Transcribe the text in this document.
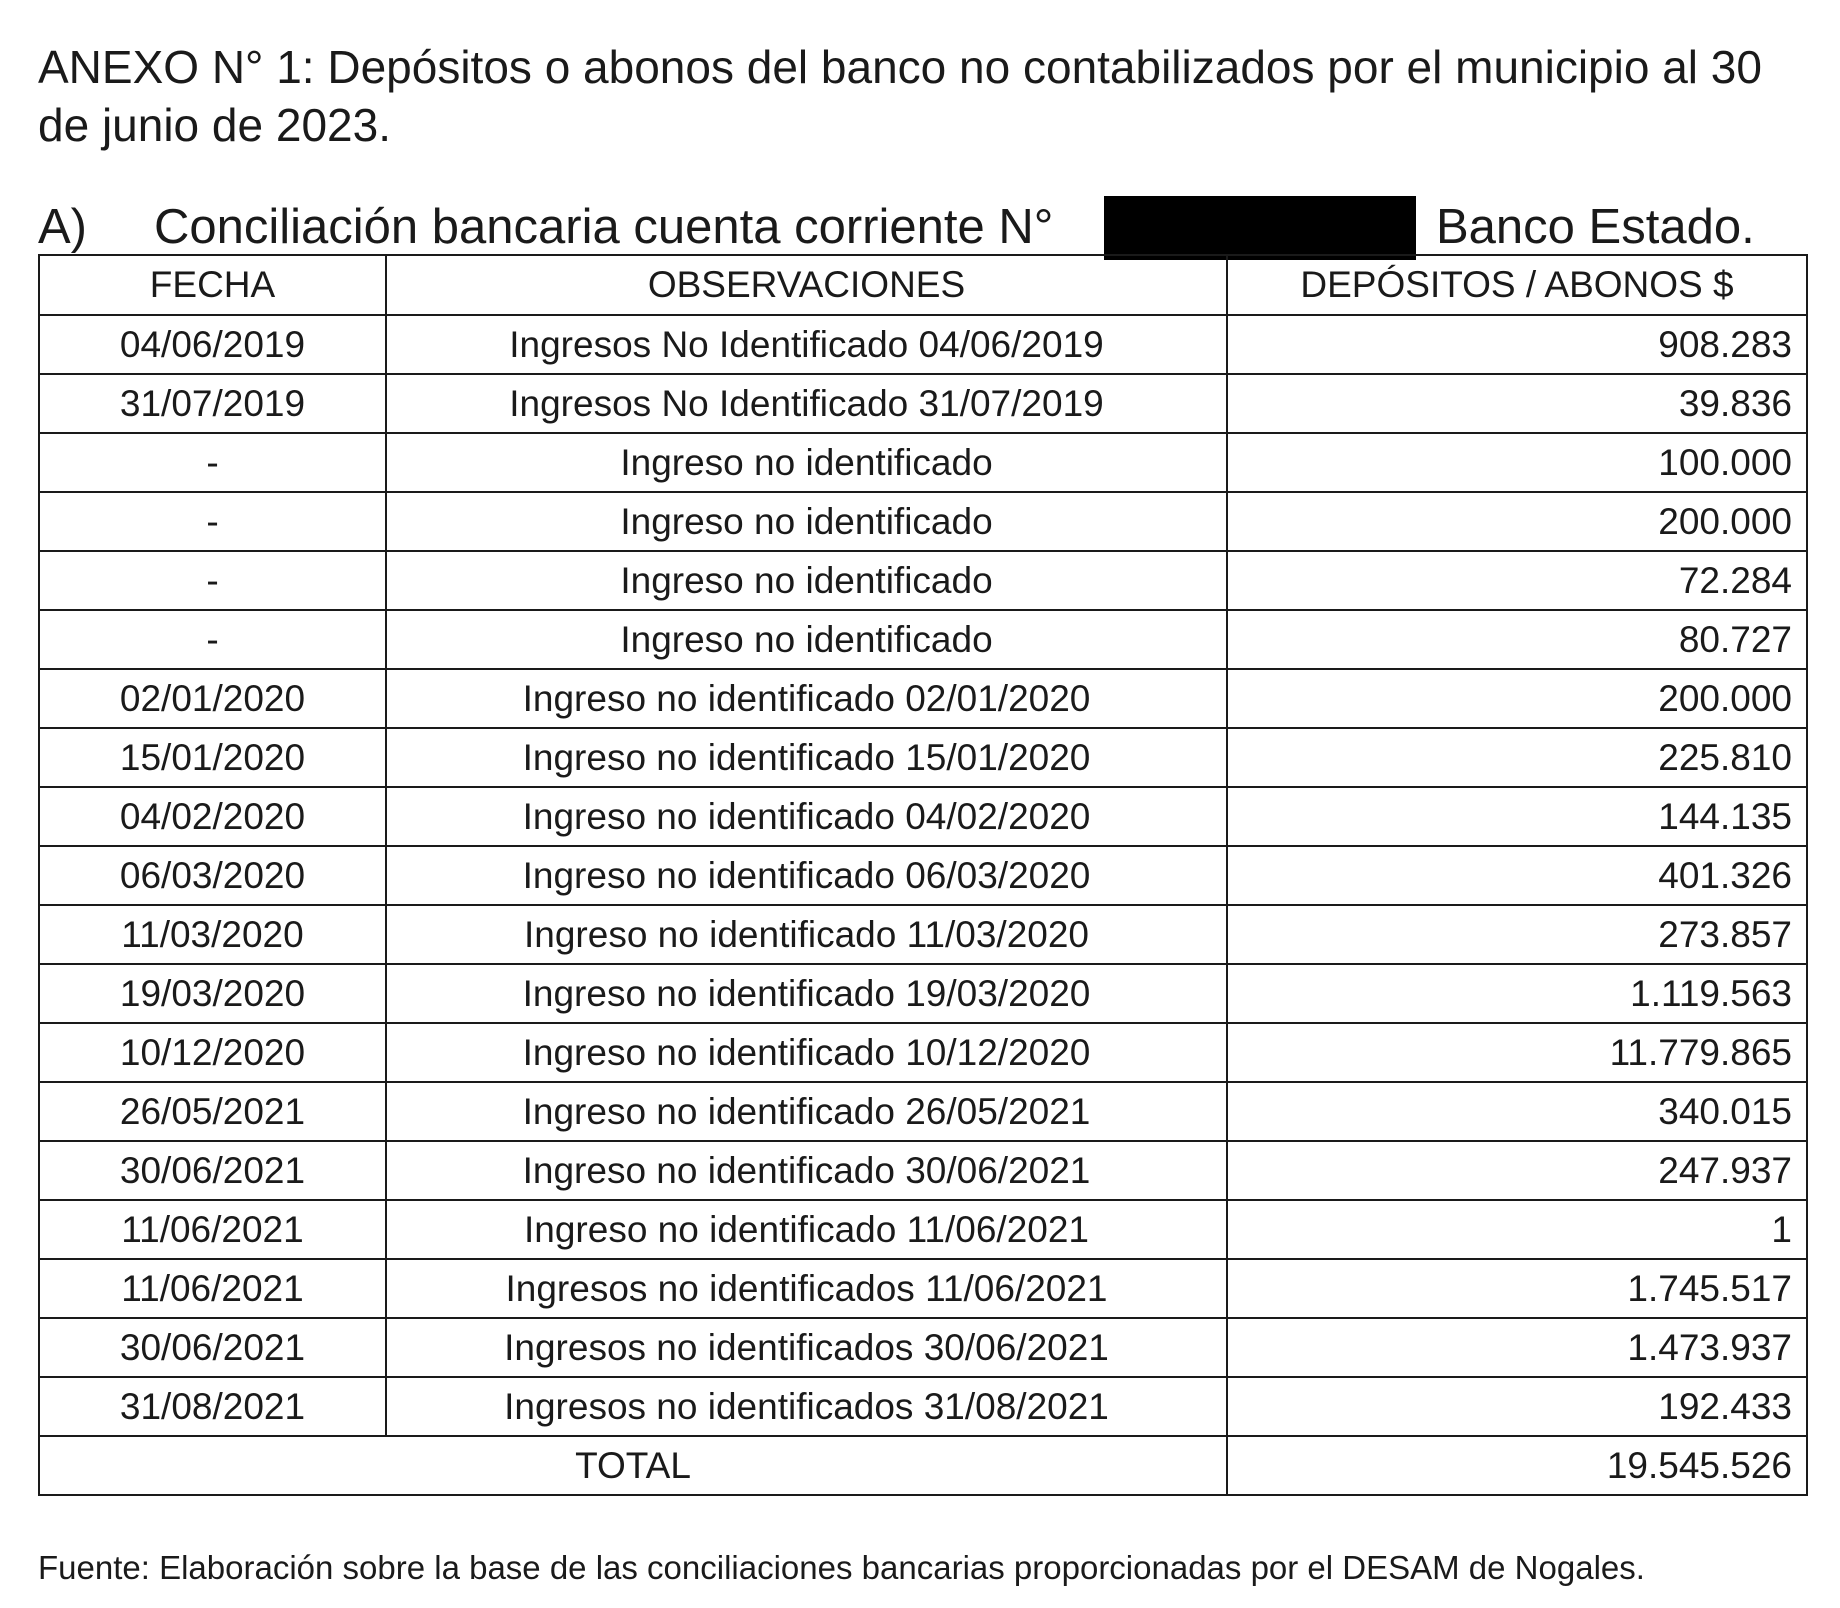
ANEXO N° 1: Depósitos o abonos del banco no contabilizados por el municipio al 30 de junio de 2023.
A) Conciliación bancaria cuenta corriente N°	Banco Estado.
FECHA	OBSERVACIONES	DEPÓSITOS / ABONOS $
04/06/2019	Ingresos No Identificado 04/06/2019	908.283
31/07/2019	Ingresos No Identificado 31/07/2019	39.836
-	Ingreso no identificado	100.000
-	Ingreso no identificado	200.000
-	Ingreso no identificado	72.284
-	Ingreso no identificado	80.727
02/01/2020	Ingreso no identificado 02/01/2020	200.000
15/01/2020	Ingreso no identificado 15/01/2020	225.810
04/02/2020	Ingreso no identificado 04/02/2020	144.135
06/03/2020	Ingreso no identificado 06/03/2020	401.326
11/03/2020	Ingreso no identificado 11/03/2020	273.857
19/03/2020	Ingreso no identificado 19/03/2020	1.119.563
10/12/2020	Ingreso no identificado 10/12/2020	11.779.865
26/05/2021	Ingreso no identificado 26/05/2021	340.015
30/06/2021	Ingreso no identificado 30/06/2021	247.937
11/06/2021	Ingreso no identificado 11/06/2021	1
11/06/2021	Ingresos no identificados 11/06/2021	1.745.517
30/06/2021	Ingresos no identificados 30/06/2021	1.473.937
31/08/2021	Ingresos no identificados 31/08/2021	192.433
TOTAL		19.545.526
Fuente: Elaboración sobre la base de las conciliaciones bancarias proporcionadas por el DESAM de Nogales.
